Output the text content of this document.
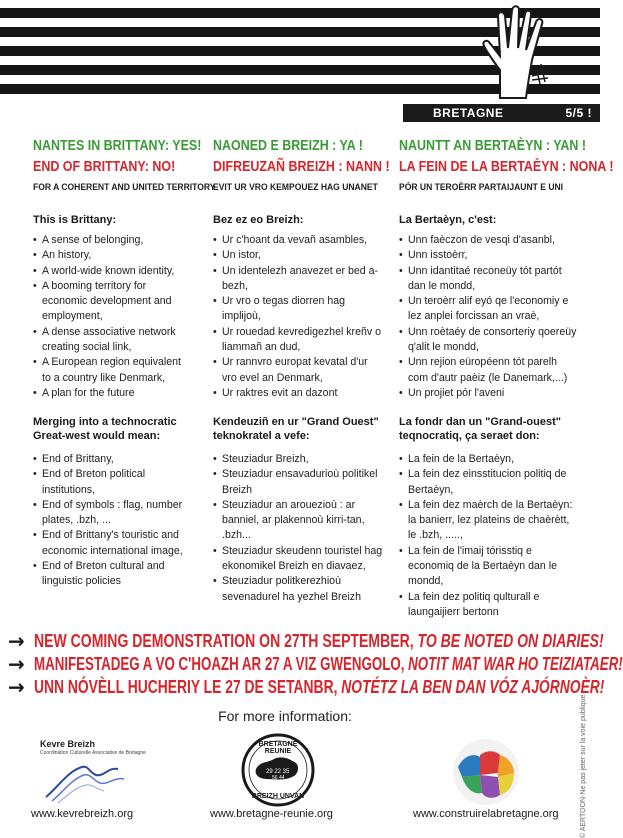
BRETAGNE	5/5 !
NANTES IN BRITTANY: YES!
END OF BRITTANY: NO!
FOR A COHERENT AND UNITED TERRITORY
This is Brittany:
• A sense of belonging,
• An history,
• A world-wide known identity,
• A booming territory for economic development and employment,
• A dense associative network creating social link,
• A European region equivalent to a country like Denmark,
• A plan for the future
Merging into a technocratic Great-west would mean:
• End of Brittany,
• End of Breton political institutions,
• End of symbols : flag, number plates, .bzh, ...
• End of Brittany's touristic and economic international image,
• End of Breton cultural and linguistic policies
NAONED E BREIZH : YA !
DIFREUZAÑ BREIZH : NANN !
EVIT UR VRO KEMPOUEZ HAG UNANET
Bez ez eo Breizh:
• Ur c'hoant da vevañ asambles,
• Un istor,
• Un identelezh anavezet er bed a-bezh,
• Ur vro o tegas diorren hag implijoù,
• Ur rouedad kevredigezhel kreñv o liammañ an dud,
• Ur rannvro europat kevatal d'ur vro evel an Denmark,
• Ur raktres evit an dazont
Kendeuziñ en ur "Grand Ouest" teknokratel a vefe:
• Steuziadur Breizh,
• Steuziadur ensavadurioù politikel Breizh
• Steuziadur an arouezioù : ar banniel, ar plakennoù kirri-tan, .bzh...
• Steuziadur skeudenn touristel hag ekonomikel Breizh en diavaez,
• Steuziadur politkerezhioù sevenadurel ha yezhel Breizh
NAUNTT AN BERTAÈYN : YAN !
LA FEIN DE LA BERTAÈYN : NONA !
PÓR UN TEROÈRR PARTAIJAUNT E UNI
La Bertaèyn, c'est:
• Unn faèczon de vesqi d'asanbl,
• Unn isstoèrr,
• Unn idantitaé reconeüy tót partót dan le mondd,
• Un teroèrr alif eyó qe l'economiy e lez anplei forcissan an vraè,
• Unn roètaéy de consorteriy qoereüy q'alit le mondd,
• Unn rejion eüropéenn tót parelh com d'autr paèiz (le Danemark,...)
• Un projiet pór l'aveni
La fondr dan un "Grand-ouest" teqnocratiq, ça seraet don:
• La fein de la Bertaèyn,
• La fein dez einsstitucion politiq de Bertaèyn,
• La fein dez maèrch de la Bertaèyn: la banierr, lez plateins de chaèrètt, le .bzh, .....,
• La fein de l'imaij tórisstiq e economiq de la Bertaèyn dan le mondd,
• La fein dez politiq qulturall e laungaijierr bertonn
→ NEW COMING DEMONSTRATION ON 27TH SEPTEMBER, TO BE NOTED ON DIARIES!
→ MANIFESTADEG A VO C'HOAZH AR 27 A VIZ GWENGOLO, NOTIT MAT WAR HO TEIZIATAER!
→ UNN NÓVÈLL HUCHERIY LE 27 DE SETANBR, NOTÉTZ LA BEN DAN VÓZ AJÓRNOÈR!
© AERTOON-Ne pas jeter sur la voie publique
For more information:
Kevre Breizh
Coordination Culturelle Associative de Bretagne
29 22 35
56 44
BRETAGNE REUNIE
BREIZH UNVAN
www.kevrebreizh.org	www.bretagne-reunie.org	www.construirelabretagne.org
